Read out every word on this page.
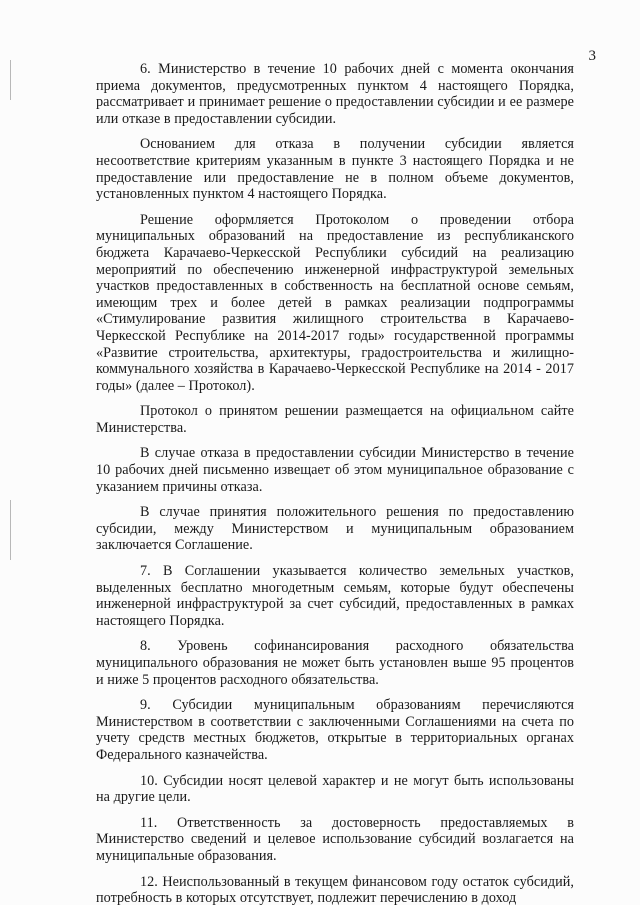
3

6. Министерство в течение 10 рабочих дней с момента окончания приема документов, предусмотренных пунктом 4 настоящего Порядка, рассматривает и принимает решение о предоставлении субсидии и ее размере или отказе в предоставлении субсидии.

Основанием для отказа в получении субсидии является несоответствие критериям указанным в пункте 3 настоящего Порядка и не предоставление или предоставление не в полном объеме документов, установленных пунктом 4 настоящего Порядка.

Решение оформляется Протоколом о проведении отбора муниципальных образований на предоставление из республиканского бюджета Карачаево-Черкесской Республики субсидий на реализацию мероприятий по обеспечению инженерной инфраструктурой земельных участков предоставленных в собственность на бесплатной основе семьям, имеющим трех и более детей в рамках реализации подпрограммы «Стимулирование развития жилищного строительства в Карачаево-Черкесской Республике на 2014-2017 годы» государственной программы «Развитие строительства, архитектуры, градостроительства и жилищно-коммунального хозяйства в Карачаево-Черкесской Республике на 2014 - 2017 годы» (далее – Протокол).

Протокол о принятом решении размещается на официальном сайте Министерства.

В случае отказа в предоставлении субсидии Министерство в течение 10 рабочих дней письменно извещает об этом муниципальное образование с указанием причины отказа.

В случае принятия положительного решения по предоставлению субсидии, между Министерством и муниципальным образованием заключается Соглашение.

7. В Соглашении указывается количество земельных участков, выделенных бесплатно многодетным семьям, которые будут обеспечены инженерной инфраструктурой за счет субсидий, предоставленных в рамках настоящего Порядка.

8. Уровень софинансирования расходного обязательства муниципального образования не может быть установлен выше 95 процентов и ниже 5 процентов расходного обязательства.

9. Субсидии муниципальным образованиям перечисляются Министерством в соответствии с заключенными Соглашениями на счета по учету средств местных бюджетов, открытые в территориальных органах Федерального казначейства.

10. Субсидии носят целевой характер и не могут быть использованы на другие цели.

11. Ответственность за достоверность предоставляемых в Министерство сведений и целевое использование субсидий возлагается на муниципальные образования.

12. Неиспользованный в текущем финансовом году остаток субсидий, потребность в которых отсутствует, подлежит перечислению в доход
